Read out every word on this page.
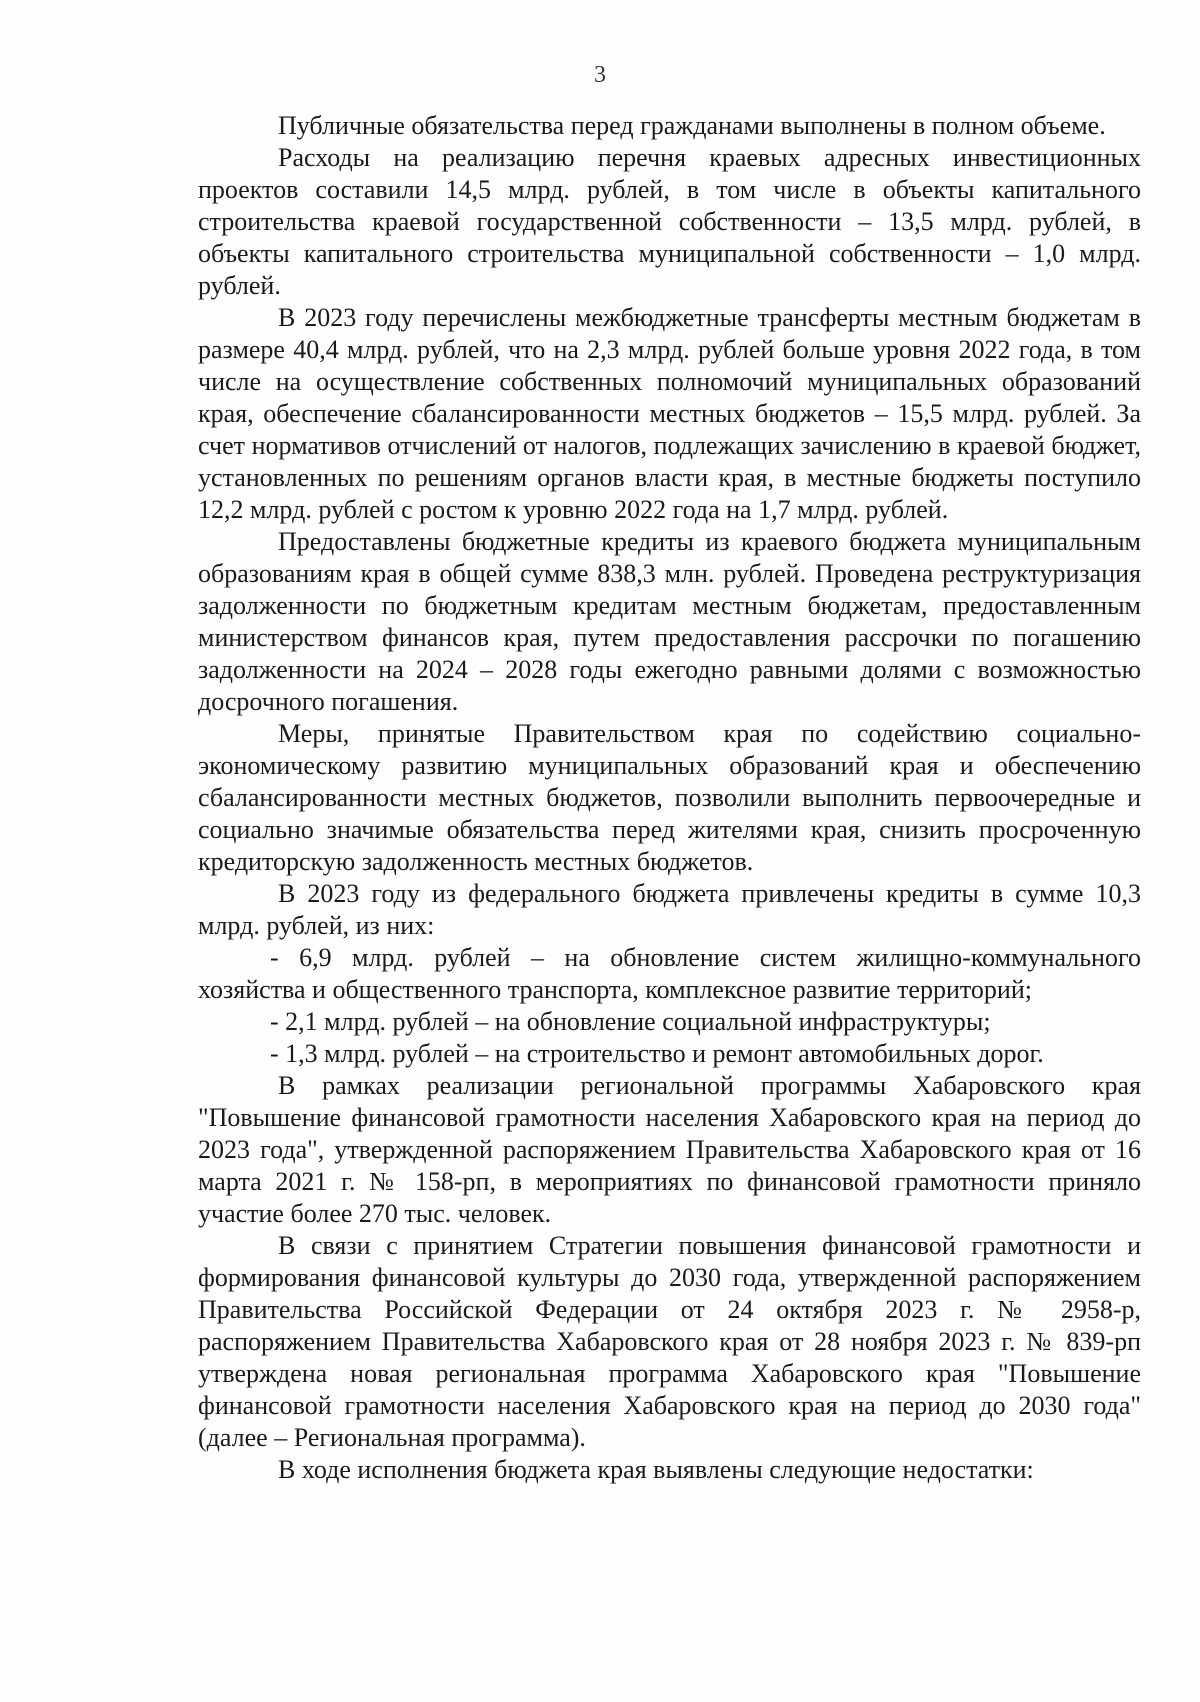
3

Публичные обязательства перед гражданами выполнены в полном объеме.

Расходы на реализацию перечня краевых адресных инвестиционных проектов составили 14,5 млрд. рублей, в том числе в объекты капитального строительства краевой государственной собственности – 13,5 млрд. рублей, в объекты капитального строительства муниципальной собственности – 1,0 млрд. рублей.

В 2023 году перечислены межбюджетные трансферты местным бюджетам в размере 40,4 млрд. рублей, что на 2,3 млрд. рублей больше уровня 2022 года, в том числе на осуществление собственных полномочий муниципальных образований края, обеспечение сбалансированности местных бюджетов – 15,5 млрд. рублей. За счет нормативов отчислений от налогов, подлежащих зачислению в краевой бюджет, установленных по решениям органов власти края, в местные бюджеты поступило 12,2 млрд. рублей с ростом к уровню 2022 года на 1,7 млрд. рублей.

Предоставлены бюджетные кредиты из краевого бюджета муниципальным образованиям края в общей сумме 838,3 млн. рублей. Проведена реструктуризация задолженности по бюджетным кредитам местным бюджетам, предоставленным министерством финансов края, путем предоставления рассрочки по погашению задолженности на 2024 – 2028 годы ежегодно равными долями с возможностью досрочного погашения.

Меры, принятые Правительством края по содействию социально-экономическому развитию муниципальных образований края и обеспечению сбалансированности местных бюджетов, позволили выполнить первоочередные и социально значимые обязательства перед жителями края, снизить просроченную кредиторскую задолженность местных бюджетов.

В 2023 году из федерального бюджета привлечены кредиты в сумме 10,3 млрд. рублей, из них:

- 6,9 млрд. рублей – на обновление систем жилищно-коммунального хозяйства и общественного транспорта, комплексное развитие территорий;

- 2,1 млрд. рублей – на обновление социальной инфраструктуры;

- 1,3 млрд. рублей – на строительство и ремонт автомобильных дорог.

В рамках реализации региональной программы Хабаровского края "Повышение финансовой грамотности населения Хабаровского края на период до 2023 года", утвержденной распоряжением Правительства Хабаровского края от 16 марта 2021 г. № 158-рп, в мероприятиях по финансовой грамотности приняло участие более 270 тыс. человек.

В связи с принятием Стратегии повышения финансовой грамотности и формирования финансовой культуры до 2030 года, утвержденной распоряжением Правительства Российской Федерации от 24 октября 2023 г. № 2958-р, распоряжением Правительства Хабаровского края от 28 ноября 2023 г. № 839-рп утверждена новая региональная программа Хабаровского края "Повышение финансовой грамотности населения Хабаровского края на период до 2030 года" (далее – Региональная программа).

В ходе исполнения бюджета края выявлены следующие недостатки:
